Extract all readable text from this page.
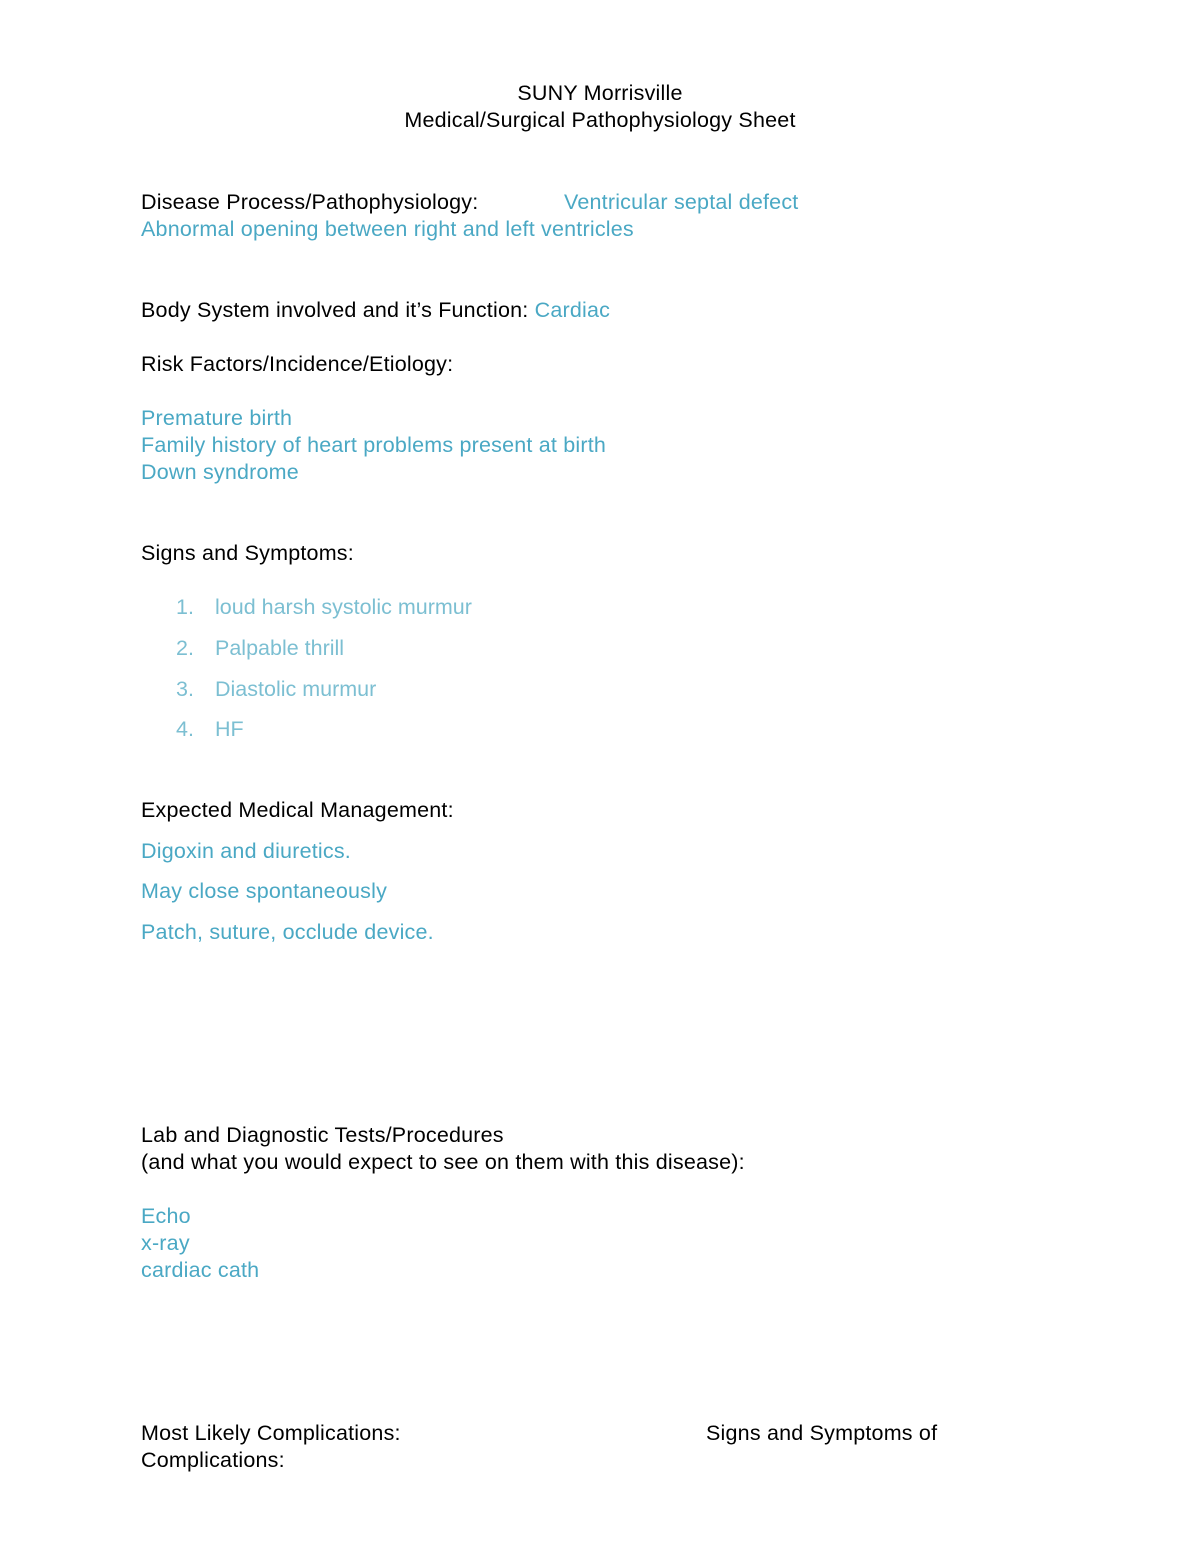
SUNY Morrisville
Medical/Surgical Pathophysiology Sheet
Disease Process/Pathophysiology:	Ventricular septal defect
Abnormal opening between right and left ventricles
Body System involved and it’s Function: Cardiac
Risk Factors/Incidence/Etiology:
Premature birth
Family history of heart problems present at birth
Down syndrome
Signs and Symptoms:
1. loud harsh systolic murmur
2. Palpable thrill
3. Diastolic murmur
4. HF
Expected Medical Management:
Digoxin and diuretics.
May close spontaneously
Patch, suture, occlude device.
Lab and Diagnostic Tests/Procedures
(and what you would expect to see on them with this disease):
Echo
x-ray
cardiac cath
Most Likely Complications:	Signs and Symptoms of
Complications:
